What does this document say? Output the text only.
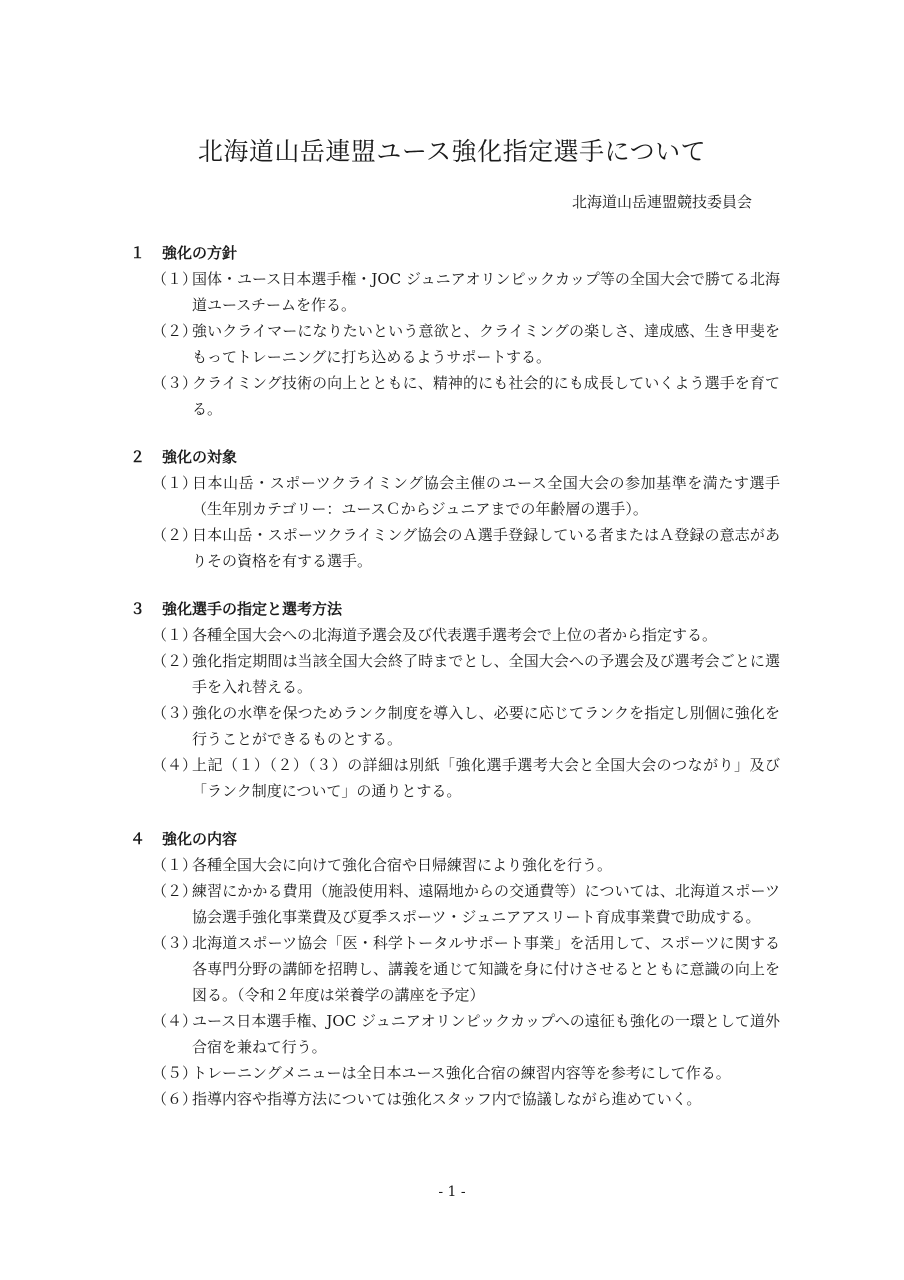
北海道山岳連盟ユース強化指定選手について
北海道山岳連盟競技委員会
１	強化の方針
（１）
国体・ユース日本選手権・JOC ジュニアオリンピックカップ等の全国大会で勝てる北海道ユースチームを作る。
（２）
強いクライマーになりたいという意欲と、クライミングの楽しさ、達成感、生き甲斐をもってトレーニングに打ち込めるようサポートする。
（３）
クライミング技術の向上とともに、精神的にも社会的にも成長していくよう選手を育てる。
２	強化の対象
（１）
日本山岳・スポーツクライミング協会主催のユース全国大会の参加基準を満たす選手（生年別カテゴリー：ユースＣからジュニアまでの年齢層の選手）。
（２）
日本山岳・スポーツクライミング協会のＡ選手登録している者またはＡ登録の意志がありその資格を有する選手。
３	強化選手の指定と選考方法
（１）
各種全国大会への北海道予選会及び代表選手選考会で上位の者から指定する。
（２）
強化指定期間は当該全国大会終了時までとし、全国大会への予選会及び選考会ごとに選手を入れ替える。
（３）
強化の水準を保つためランク制度を導入し、必要に応じてランクを指定し別個に強化を行うことができるものとする。
（４）
上記（１）（２）（３）の詳細は別紙「強化選手選考大会と全国大会のつながり」及び「ランク制度について」の通りとする。
４	強化の内容
（１）
各種全国大会に向けて強化合宿や日帰練習により強化を行う。
（２）
練習にかかる費用（施設使用料、遠隔地からの交通費等）については、北海道スポーツ協会選手強化事業費及び夏季スポーツ・ジュニアアスリート育成事業費で助成する。
（３）
北海道スポーツ協会「医・科学トータルサポート事業」を活用して、スポーツに関する各専門分野の講師を招聘し、講義を通じて知識を身に付けさせるとともに意識の向上を図る。（令和２年度は栄養学の講座を予定）
（４）
ユース日本選手権、JOC ジュニアオリンピックカップへの遠征も強化の一環として道外合宿を兼ねて行う。
（５）
トレーニングメニューは全日本ユース強化合宿の練習内容等を参考にして作る。
（６）
指導内容や指導方法については強化スタッフ内で協議しながら進めていく。
- 1 -
